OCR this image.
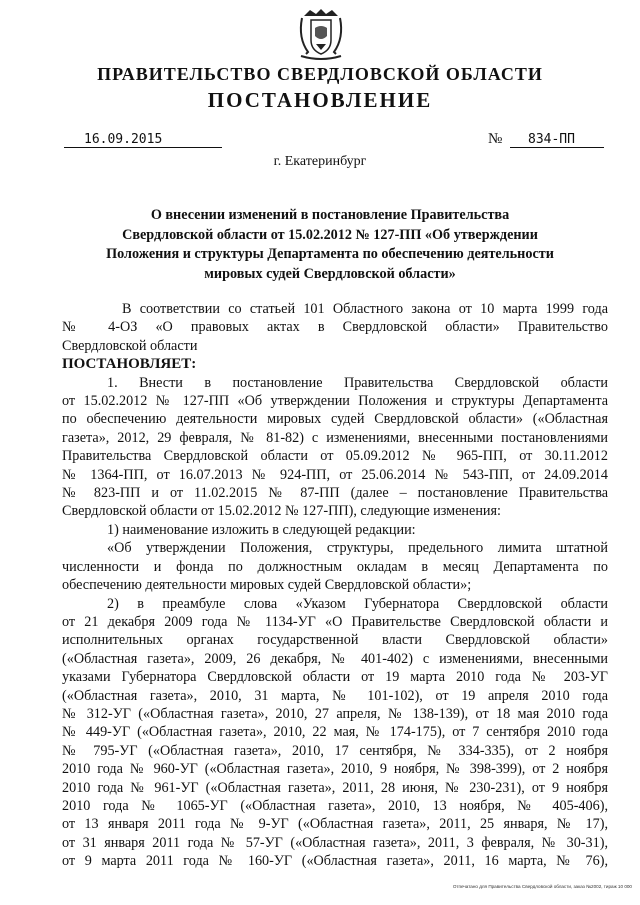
ПРАВИТЕЛЬСТВО СВЕРДЛОВСКОЙ ОБЛАСТИ
ПОСТАНОВЛЕНИЕ
16.09.2015	№	834-ПП
г. Екатеринбург
О внесении изменений в постановление Правительства
Свердловской области от 15.02.2012 № 127-ПП «Об утверждении
Положения и структуры Департамента по обеспечению деятельности
мировых судей Свердловской области»

В соответствии со статьей 101 Областного закона от 10 марта 1999 года

№ 4-ОЗ «О правовых актах в Свердловской области» Правительство

Свердловской области

ПОСТАНОВЛЯЕТ:

1. Внести в постановление Правительства Свердловской области

от 15.02.2012 № 127-ПП «Об утверждении Положения и структуры Департамента

по обеспечению деятельности мировых судей Свердловской области» («Областная

газета», 2012, 29 февраля, № 81-82) с изменениями, внесенными постановлениями

Правительства Свердловской области от 05.09.2012 № 965-ПП, от 30.11.2012

№ 1364-ПП, от 16.07.2013 № 924-ПП, от 25.06.2014 № 543-ПП, от 24.09.2014

№ 823-ПП и от 11.02.2015 № 87-ПП (далее – постановление Правительства

Свердловской области от 15.02.2012 № 127-ПП), следующие изменения:

1) наименование изложить в следующей редакции:

«Об утверждении Положения, структуры, предельного лимита штатной

численности и фонда по должностным окладам в месяц Департамента по

обеспечению деятельности мировых судей Свердловской области»;

2) в преамбуле слова «Указом Губернатора Свердловской области

от 21 декабря 2009 года № 1134-УГ «О Правительстве Свердловской области и

исполнительных органах государственной власти Свердловской области»

(«Областная газета», 2009, 26 декабря, № 401-402) с изменениями, внесенными

указами Губернатора Свердловской области от 19 марта 2010 года № 203-УГ

(«Областная газета», 2010, 31 марта, № 101-102), от 19 апреля 2010 года

№ 312-УГ («Областная газета», 2010, 27 апреля, № 138-139), от 18 мая 2010 года

№ 449-УГ («Областная газета», 2010, 22 мая, № 174-175), от 7 сентября 2010 года

№ 795-УГ («Областная газета», 2010, 17 сентября, № 334-335), от 2 ноября

2010 года № 960-УГ («Областная газета», 2010, 9 ноября, № 398-399), от 2 ноября

2010 года № 961-УГ («Областная газета», 2011, 28 июня, № 230-231), от 9 ноября

2010 года № 1065-УГ («Областная газета», 2010, 13 ноября, № 405-406),

от 13 января 2011 года № 9-УГ («Областная газета», 2011, 25 января, № 17),

от 31 января 2011 года № 57-УГ («Областная газета», 2011, 3 февраля, № 30-31),

от 9 марта 2011 года № 160-УГ («Областная газета», 2011, 16 марта, № 76),

Отпечатано для Правительства Свердловской области, заказ №2002, тираж 10 000
